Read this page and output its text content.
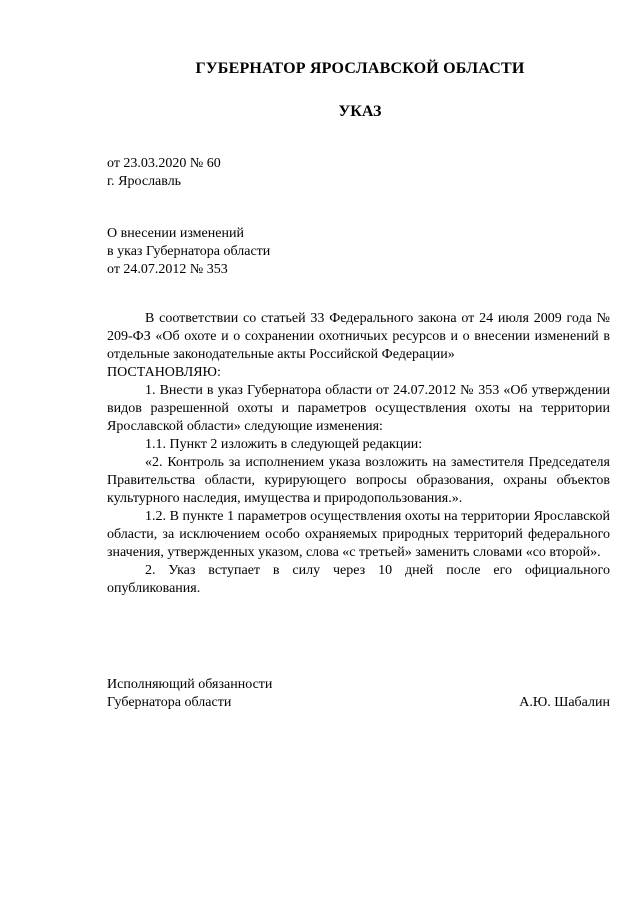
ГУБЕРНАТОР ЯРОСЛАВСКОЙ ОБЛАСТИ
УКАЗ
от 23.03.2020 № 60
г. Ярославль
О внесении изменений
в указ Губернатора области
от 24.07.2012 № 353

В соответствии со статьей 33 Федерального закона от 24 июля 2009 года № 209-ФЗ «Об охоте и о сохранении охотничьих ресурсов и о внесении изменений в отдельные законодательные акты Российской Федерации»

ПОСТАНОВЛЯЮ:

1. Внести в указ Губернатора области от 24.07.2012 № 353 «Об утверждении видов разрешенной охоты и параметров осуществления охоты на территории Ярославской области» следующие изменения:

1.1. Пункт 2 изложить в следующей редакции:

«2. Контроль за исполнением указа возложить на заместителя Председателя Правительства области, курирующего вопросы образования, охраны объектов культурного наследия, имущества и природопользования.».

1.2. В пункте 1 параметров осуществления охоты на территории Ярославской области, за исключением особо охраняемых природных территорий федерального значения, утвержденных указом, слова «с третьей» заменить словами «со второй».

2. Указ вступает в силу через 10 дней после его официального опубликования.

Исполняющий обязанности
Губернатора области	А.Ю. Шабалин
